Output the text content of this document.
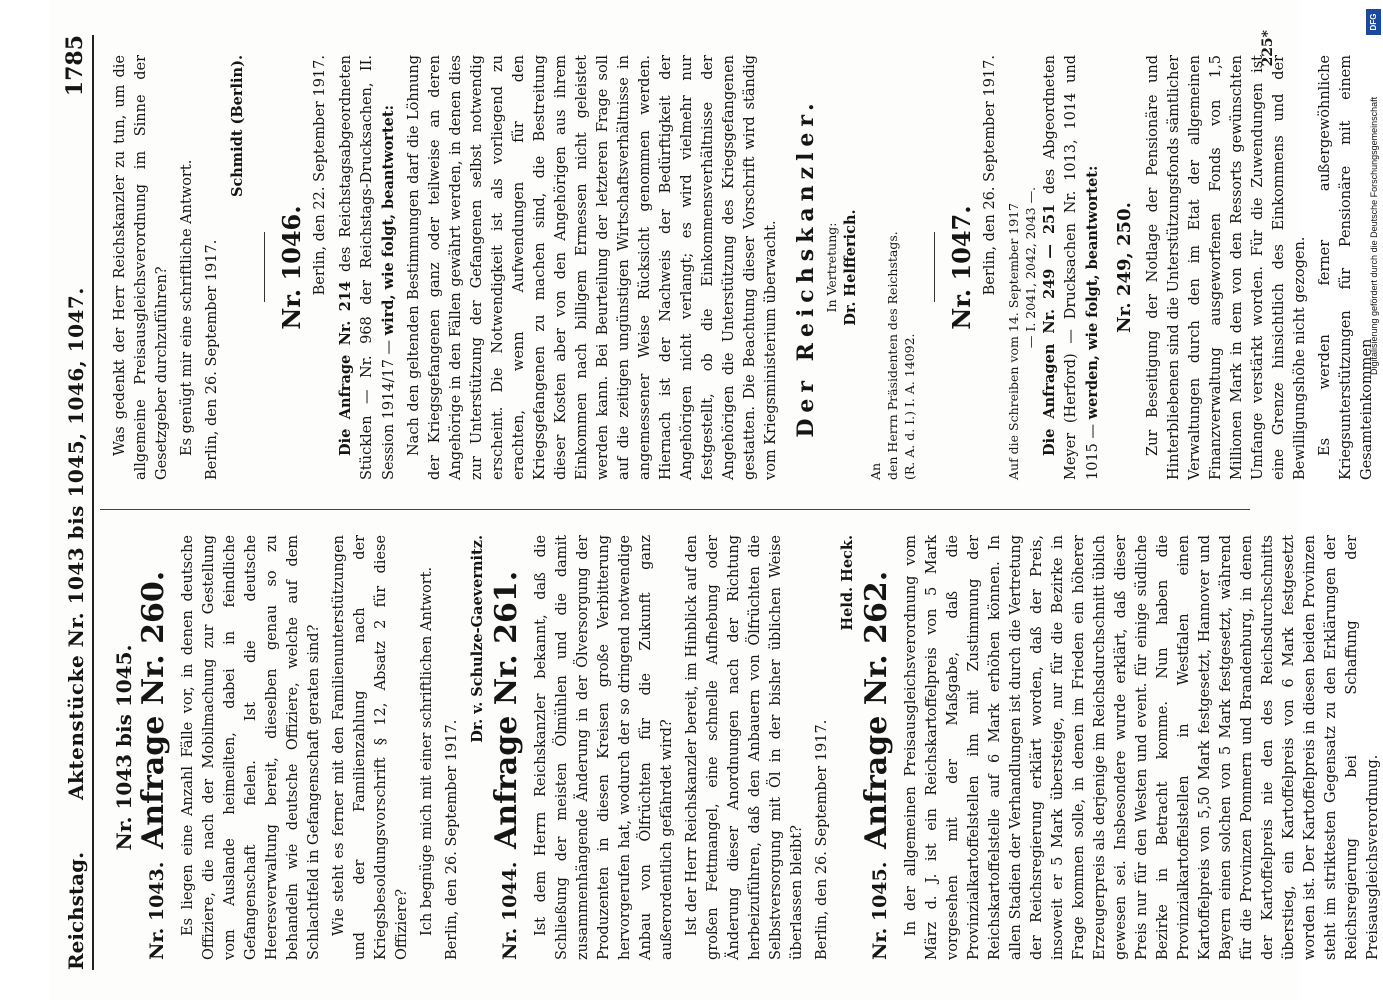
Reichstag.
Aktenstücke Nr. 1043 bis 1045, 1046, 1047.
1785
Nr. 1043 bis 1045.
Nr. 1043. Anfrage Nr. 260. Es liegen eine Anzahl Fälle vor, in denen deutsche Offiziere, die nach der Mobilmachung zur Gestellung vom Auslande heimeilten, dabei in feindliche Gefangenschaft fielen. Ist die deutsche Heeresverwaltung bereit, dieselben genau so zu behandeln wie deutsche Offiziere, welche auf dem Schlachtfeld in Gefangenschaft geraten sind? Wie steht es ferner mit den Familienunterstützungen und der Familienzahlung nach der Kriegsbesoldungsvorschrift § 12, Absatz 2 für diese Offiziere? Ich begnüge mich mit einer schriftlichen Antwort. Berlin, den 26. September 1917.
Dr. v. Schulze-Gaevernitz.
Nr. 1044. Anfrage Nr. 261. Ist dem Herrn Reichskanzler bekannt, daß die Schließung der meisten Ölmühlen und die damit zusammenhängende Änderung in der Ölversorgung der Produzenten in diesen Kreisen große Verbitterung hervorgerufen hat, wodurch der so dringend notwendige Anbau von Ölfrüchten für die Zukunft ganz außerordentlich gefährdet wird? Ist der Herr Reichskanzler bereit, im Hinblick auf den großen Fettmangel, eine schnelle Aufhebung oder Änderung dieser Anordnungen nach der Richtung herbeizuführen, daß den Anbauern von Ölfrüchten die Selbstversorgung mit Öl in der bisher üblichen Weise überlassen bleibt? Berlin, den 26. September 1917.
Held. Heck.
Nr. 1045. Anfrage Nr. 262. In der allgemeinen Preisausgleichsverordnung vom März d. J. ist ein Reichskartoffelpreis von 5 Mark vorgesehen mit der Maßgabe, daß die Provinzialkartoffelstellen ihn mit Zustimmung der Reichskartoffelstelle auf 6 Mark erhöhen können. In allen Stadien der Verhandlungen ist durch die Vertretung der Reichsregierung erklärt worden, daß der Preis, insoweit er 5 Mark übersteige, nur für die Bezirke in Frage kommen solle, in denen im Frieden ein höherer Erzeugerpreis als derjenige im Reichsdurchschnitt üblich gewesen sei. Insbesondere wurde erklärt, daß dieser Preis nur für den Westen und event. für einige südliche Bezirke in Betracht komme. Nun haben die Provinzialkartoffelstellen in Westfalen einen Kartoffelpreis von 5,50 Mark festgesetzt, Hannover und Bayern einen solchen von 5 Mark festgesetzt, während für die Provinzen Pommern und Brandenburg, in denen der Kartoffelpreis nie den des Reichsdurchschnitts überstieg, ein Kartoffelpreis von 6 Mark festgesetzt worden ist. Der Kartoffelpreis in diesen beiden Provinzen steht im striktesten Gegensatz zu den Erklärungen der Reichsregierung bei Schaffung der Preisausgleichsverordnung.

Was gedenkt der Herr Reichskanzler zu tun, um die allgemeine Preisausgleichsverordnung im Sinne der Gesetzgeber durchzuführen? Es genügt mir eine schriftliche Antwort. Berlin, den 26. September 1917.
Schmidt (Berlin).
Nr. 1046. Berlin, den 22. September 1917.

Die Anfrage Nr. 214 des Reichstagsabgeordneten Stücklen — Nr. 968 der Reichstags-Drucksachen, II. Session 1914/17 — wird, wie folgt, beantwortet: Nach den geltenden Bestimmungen darf die Löhnung der Kriegsgefangenen ganz oder teilweise an deren Angehörige in den Fällen gewährt werden, in denen dies zur Unterstützung der Gefangenen selbst notwendig erscheint. Die Notwendigkeit ist als vorliegend zu erachten, wenn Aufwendungen für den Kriegsgefangenen zu machen sind, die Bestreitung dieser Kosten aber von den Angehörigen aus ihrem Einkommen nach billigem Ermessen nicht geleistet werden kann. Bei Beurteilung der letzteren Frage soll auf die zeitigen ungünstigen Wirtschaftsverhältnisse in angemessener Weise Rücksicht genommen werden. Hiernach ist der Nachweis der Bedürftigkeit der Angehörigen nicht verlangt; es wird vielmehr nur festgestellt, ob die Einkommensverhältnisse der Angehörigen die Unterstützung des Kriegsgefangenen gestatten. Die Beachtung dieser Vorschrift wird ständig vom Kriegsministerium überwacht. Der Reichskanzler. In Vertretung: Dr. Helfferich.
An den Herrn Präsidenten des Reichstags. (R. A. d. I.) I. A. 14092.
Nr. 1047. Berlin, den 26. September 1917.
Auf die Schreiben vom 14. September 1917 — I. 2041, 2042, 2043 —. Die Anfragen Nr. 249 — 251 des Abgeordneten Meyer (Herford) — Drucksachen Nr. 1013, 1014 und 1015 — werden, wie folgt, beantwortet: Nr. 249, 250. Zur Beseitigung der Notlage der Pensionäre und Hinterbliebenen sind die Unterstützungsfonds sämtlicher Verwaltungen durch den im Etat der allgemeinen Finanzverwaltung ausgeworfenen Fonds von 1,5 Millionen Mark in dem von den Ressorts gewünschten Umfange verstärkt worden. Für die Zuwendungen ist eine Grenze hinsichtlich des Einkommens und der Bewilligungshöhe nicht gezogen. Es werden ferner außergewöhnliche Kriegsunterstützungen für Pensionäre mit einem Gesamteinkommen

225*
Digitalisierung gefördert durch die Deutsche Forschungsgemeinschaft
DFG
